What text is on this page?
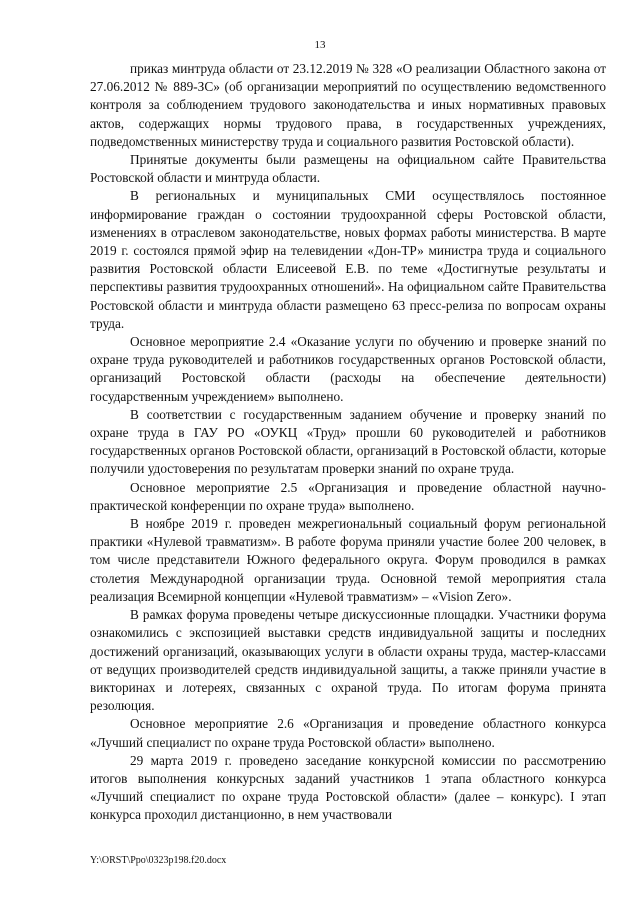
13

приказ минтруда области от 23.12.2019 № 328 «О реализации Областного закона от 27.06.2012 № 889-ЗС» (об организации мероприятий по осуществлению ведомственного контроля за соблюдением трудового законодательства и иных нормативных правовых актов, содержащих нормы трудового права, в государственных учреждениях, подведомственных министерству труда и социального развития Ростовской области).

Принятые документы были размещены на официальном сайте Правительства Ростовской области и минтруда области.

В региональных и муниципальных СМИ осуществлялось постоянное информирование граждан о состоянии трудоохранной сферы Ростовской области, изменениях в отраслевом законодательстве, новых формах работы министерства. В марте 2019 г. состоялся прямой эфир на телевидении «Дон-ТР» министра труда и социального развития Ростовской области Елисеевой Е.В. по теме «Достигнутые результаты и перспективы развития трудоохранных отношений». На официальном сайте Правительства Ростовской области и минтруда области размещено 63 пресс-релиза по вопросам охраны труда.

Основное мероприятие 2.4 «Оказание услуги по обучению и проверке знаний по охране труда руководителей и работников государственных органов Ростовской области, организаций Ростовской области (расходы на обеспечение деятельности) государственным учреждением» выполнено.

В соответствии с государственным заданием обучение и проверку знаний по охране труда в ГАУ РО «ОУКЦ «Труд» прошли 60 руководителей и работников государственных органов Ростовской области, организаций в Ростовской области, которые получили удостоверения по результатам проверки знаний по охране труда.

Основное мероприятие 2.5 «Организация и проведение областной научно-практической конференции по охране труда» выполнено.

В ноябре 2019 г. проведен межрегиональный социальный форум региональной практики «Нулевой травматизм». В работе форума приняли участие более 200 человек, в том числе представители Южного федерального округа. Форум проводился в рамках столетия Международной организации труда. Основной темой мероприятия стала реализация Всемирной концепции «Нулевой травматизм» – «Vision Zero».

В рамках форума проведены четыре дискуссионные площадки. Участники форума ознакомились с экспозицией выставки средств индивидуальной защиты и последних достижений организаций, оказывающих услуги в области охраны труда, мастер-классами от ведущих производителей средств индивидуальной защиты, а также приняли участие в викторинах и лотереях, связанных с охраной труда. По итогам форума принята резолюция.

Основное мероприятие 2.6 «Организация и проведение областного конкурса «Лучший специалист по охране труда Ростовской области» выполнено.

29 марта 2019 г. проведено заседание конкурсной комиссии по рассмотрению итогов выполнения конкурсных заданий участников 1 этапа областного конкурса «Лучший специалист по охране труда Ростовской области» (далее – конкурс). I этап конкурса проходил дистанционно, в нем участвовали

Y:\ORST\Ppo\0323p198.f20.docx
